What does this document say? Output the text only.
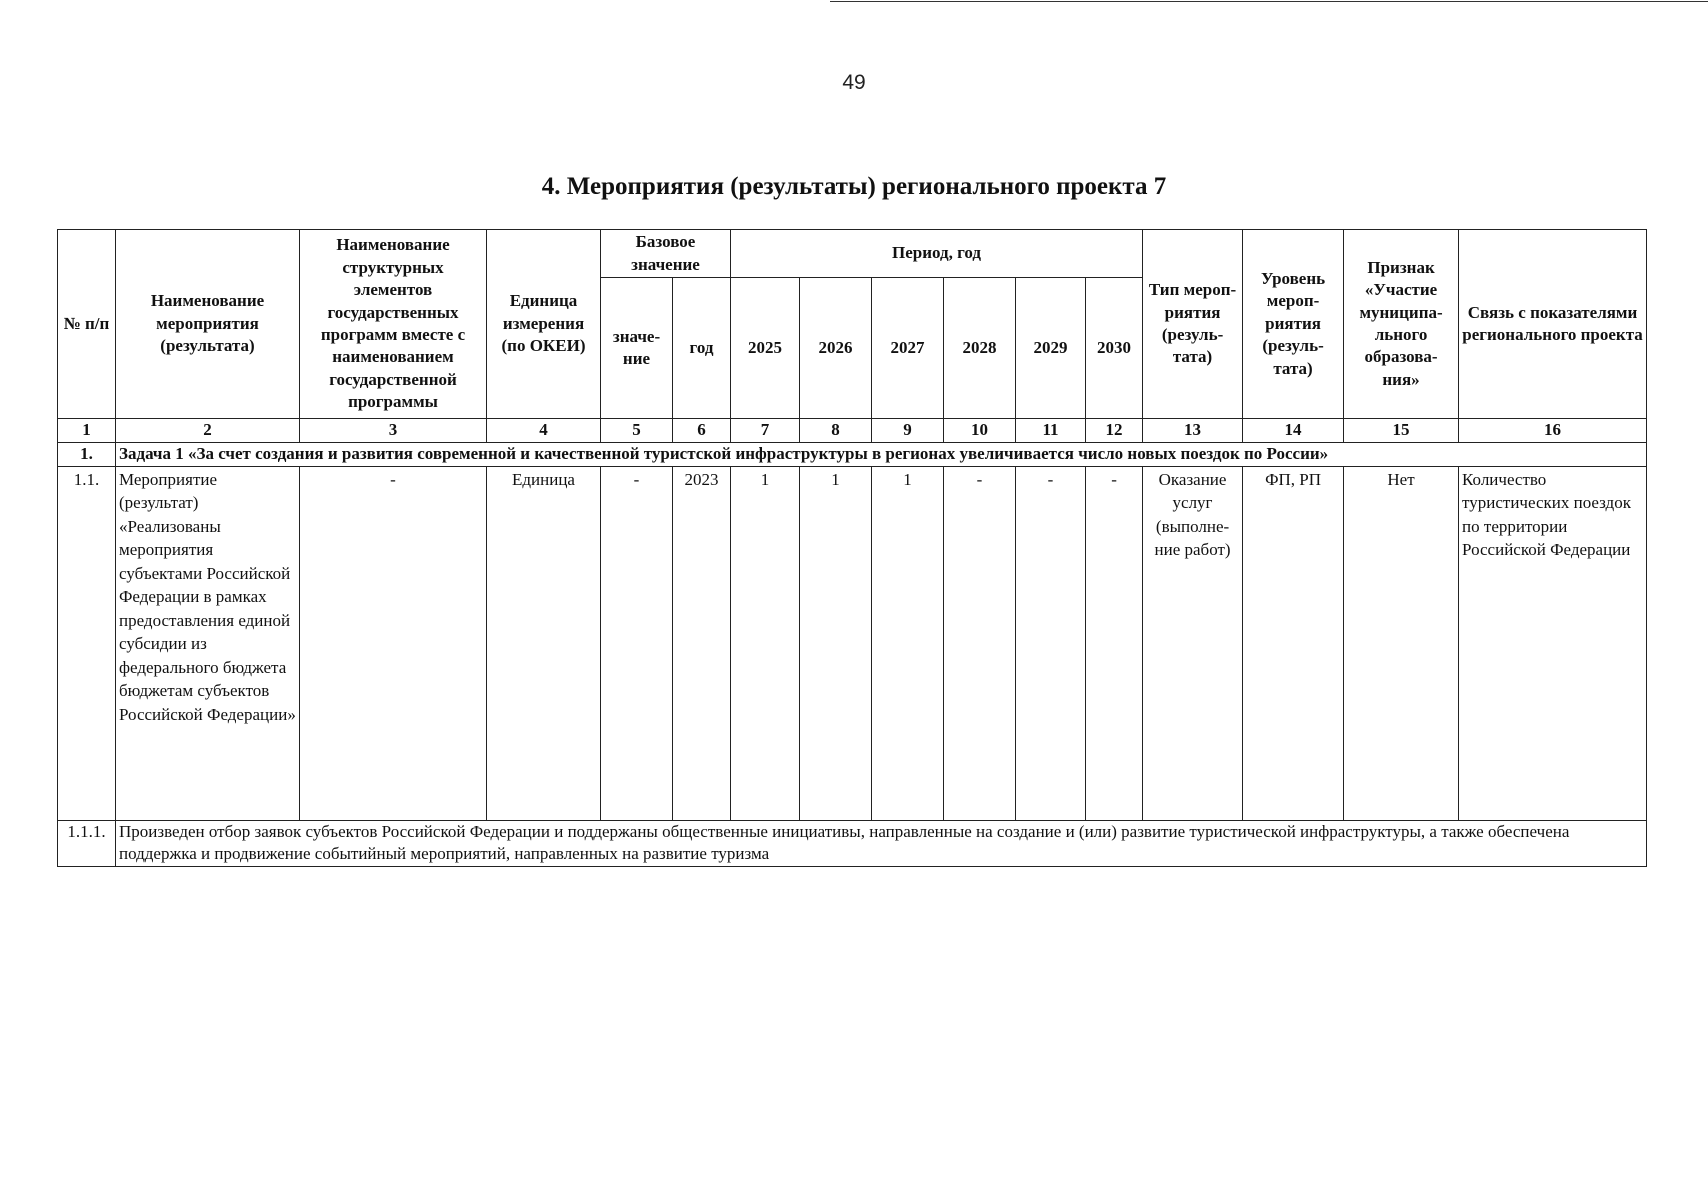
49
4. Мероприятия (результаты) регионального проекта 7
№ п/п	Наименование мероприятия (результата)	Наименование структурных элементов государственных программ вместе с наименованием государственной программы	Единица измерения (по ОКЕИ)	Базовое значение		Период, год						Тип мероп-риятия (резуль-тата)	Уровень мероп-риятия (резуль-тата)	Признак «Участие муниципа-льного образова-ния»	Связь с показателями регионального проекта
				значе-ние	год	2025	2026	2027	2028	2029	2030				
1	2	3	4	5	6	7	8	9	10	11	12	13	14	15	16
1.	Задача 1 «За счет создания и развития современной и качественной туристской инфраструктуры в регионах увеличивается число новых поездок по России»														
1.1.	Мероприятие (результат) «Реализованы мероприятия субъектами Российской Федерации в рамках предоставления единой субсидии из федерального бюджета бюджетам субъектов Российской Федерации»	-	Единица	-	2023	1	1	1	-	-	-	Оказание услуг (выполне-ние работ)	ФП, РП	Нет	Количество туристических поездок по территории Российской Федерации
1.1.1.	Произведен отбор заявок субъектов Российской Федерации и поддержаны общественные инициативы, направленные на создание и (или) развитие туристической инфраструктуры, а также обеспечена поддержка и продвижение событийный мероприятий, направленных на развитие туризма														
